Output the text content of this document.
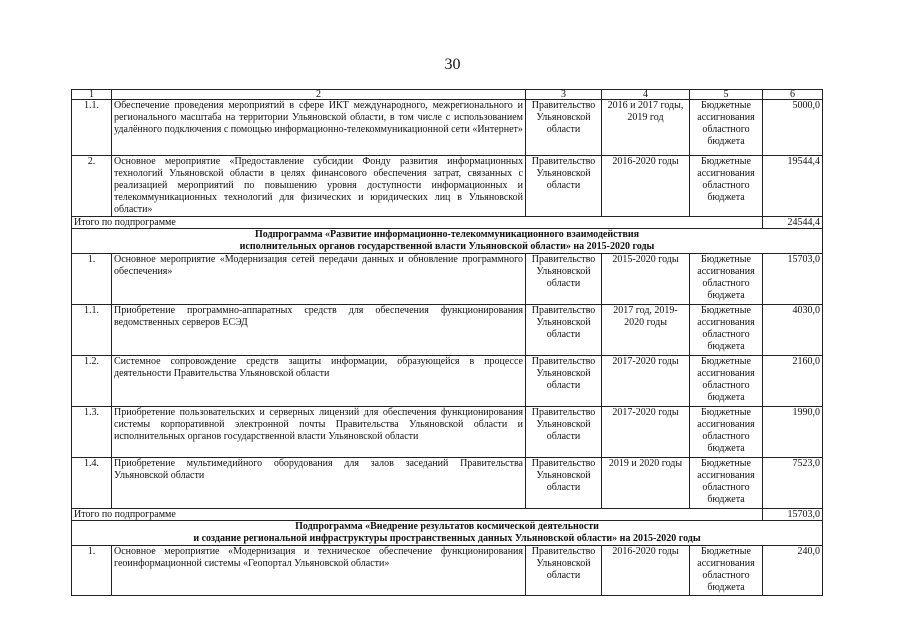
30
1	2	3	4	5	6
1.1.	Обеспечение проведения мероприятий в сфере ИКТ международного, межрегионального и регионального масштаба на территории Ульяновской области, в том числе с использованием удалённого подключения с помощью информационно-телекоммуникационной сети «Интернет»	Правительство Ульяновской области	2016 и 2017 годы, 2019 год	Бюджетные ассигнования областного бюджета	5000,0
2.	Основное мероприятие «Предоставление субсидии Фонду развития информационных технологий Ульяновской области в целях финансового обеспечения затрат, связанных с реализацией мероприятий по повышению уровня доступности информационных и телекоммуникационных технологий для физических и юридических лиц в Ульяновской области»	Правительство Ульяновской области	2016-2020 годы	Бюджетные ассигнования областного бюджета	19544,4
Итого по подпрограмме					24544,4

Подпрограмма «Развитие информационно-телекоммуникационного взаимодействия
исполнительных органов государственной власти Ульяновской области» на 2015-2020 годы					

1.	Основное мероприятие «Модернизация сетей передачи данных и обновление программного обеспечения»	Правительство Ульяновской области	2015-2020 годы	Бюджетные ассигнования областного бюджета	15703,0
1.1.	Приобретение программно-аппаратных средств для обеспечения функционирования ведомственных серверов ЕСЭД	Правительство Ульяновской области	2017 год, 2019-2020 годы	Бюджетные ассигнования областного бюджета	4030,0
1.2.	Системное сопровождение средств защиты информации, образующейся в процессе деятельности Правительства Ульяновской области	Правительство Ульяновской области	2017-2020 годы	Бюджетные ассигнования областного бюджета	2160,0
1.3.	Приобретение пользовательских и серверных лицензий для обеспечения функционирования системы корпоративной электронной почты Правительства Ульяновской области и исполнительных органов государственной власти Ульяновской области	Правительство Ульяновской области	2017-2020 годы	Бюджетные ассигнования областного бюджета	1990,0
1.4.	Приобретение мультимедийного оборудования для залов заседаний Правительства Ульяновской области	Правительство Ульяновской области	2019 и 2020 годы	Бюджетные ассигнования областного бюджета	7523,0
Итого по подпрограмме					15703,0

Подпрограмма «Внедрение результатов космической деятельности
и создание региональной инфраструктуры пространственных данных Ульяновской области» на 2015-2020 годы					

1.	Основное мероприятие «Модернизация и техническое обеспечение функционирования геоинформационной системы «Геопортал Ульяновской области»	Правительство Ульяновской области	2016-2020 годы	Бюджетные ассигнования областного бюджета	240,0
